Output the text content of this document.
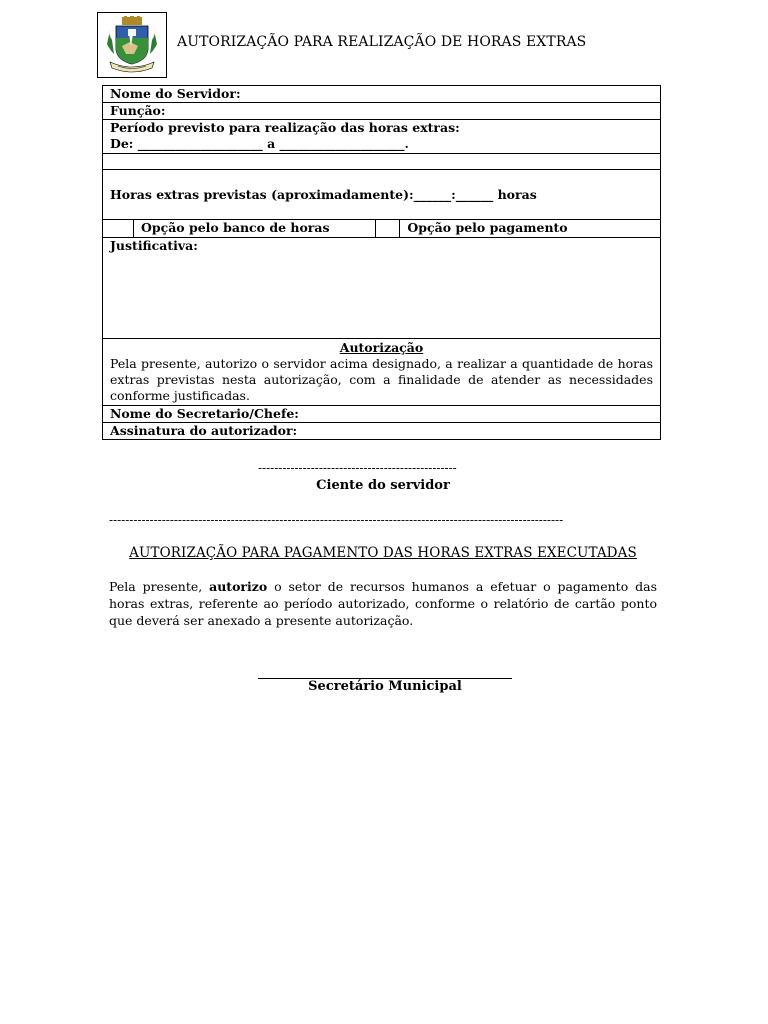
AUTORIZAÇÃO PARA REALIZAÇÃO DE HORAS EXTRAS
Nome do Servidor:
Função:

Período previsto para realização das horas extras:
De: ____________________ a ____________________.

Horas extras previstas (aproximadamente):______:______ horas
	Opção pelo banco de horas		Opção pelo pagamento
Justificativa:

Autorização
Pela presente, autorizo o servidor acima designado, a realizar a quantidade de horas extras previstas nesta autorização, com a finalidade de atender as necessidades conforme justificadas.

Nome do Secretario/Chefe:
Assinatura do autorizador:
-------------------------------------------------
Ciente do servidor
----------------------------------------------------------------------------------------------------------------
AUTORIZAÇÃO PARA PAGAMENTO DAS HORAS EXTRAS EXECUTADAS
Pela presente, autorizo o setor de recursos humanos a efetuar o pagamento das horas extras, referente ao período autorizado, conforme o relatório de cartão ponto que deverá ser anexado a presente autorização.
Secretário Municipal
